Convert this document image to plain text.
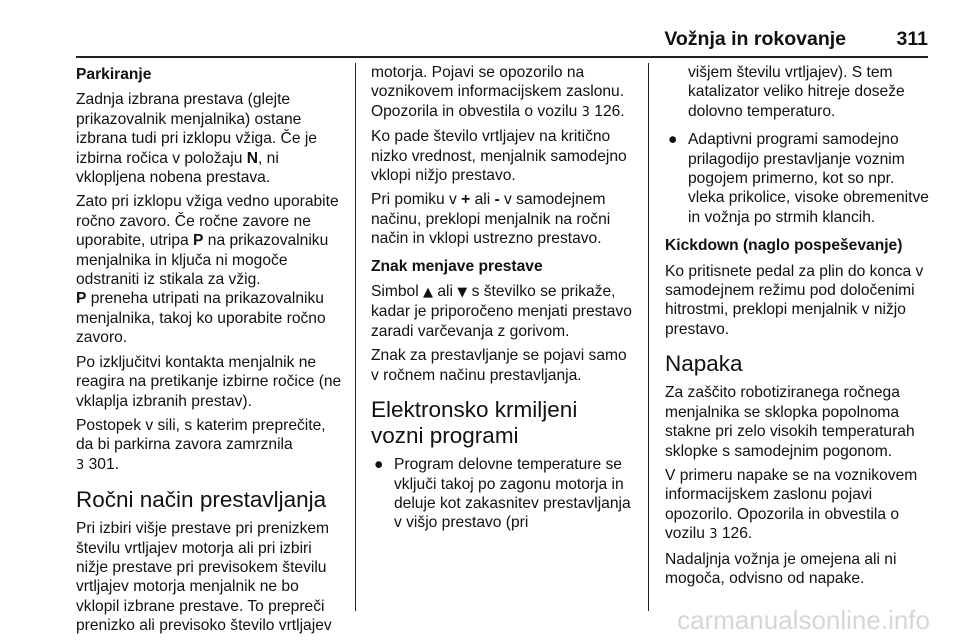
Vožnja in rokovanje	311
Parkiranje

Zadnja izbrana prestava (glejte prikazovalnik menjalnika) ostane izbrana tudi pri izklopu vžiga. Če je izbirna ročica v položaju N, ni vklopljena nobena prestava.

Zato pri izklopu vžiga vedno uporabite ročno zavoro. Če ročne zavore ne uporabite, utripa P na prikazovalniku menjalnika in ključa ni mogoče odstraniti iz stikala za vžig.
P preneha utripati na prikazovalniku menjalnika, takoj ko uporabite ročno zavoro.

Po izključitvi kontakta menjalnik ne reagira na pretikanje izbirne ročice (ne vklaplja izbranih prestav).

Postopek v sili, s katerim preprečite, da bi parkirna zavora zamrznila
3 301.

Ročni način prestavljanja

Pri izbiri višje prestave pri prenizkem številu vrtljajev motorja ali pri izbiri nižje prestave pri previsokem številu vrtljajev motorja menjalnik ne bo vklopil izbrane prestave. To prepreči prenizko ali previsoko število vrtljajev

motorja. Pojavi se opozorilo na voznikovem informacijskem zaslonu. Opozorila in obvestila o vozilu 3 126.

Ko pade število vrtljajev na kritično nizko vrednost, menjalnik samodejno vklopi nižjo prestavo.

Pri pomiku v + ali - v samodejnem načinu, preklopi menjalnik na ročni način in vklopi ustrezno prestavo.

Znak menjave prestave

Simbol ▲ ali ▼ s številko se prikaže, kadar je priporočeno menjati prestavo zaradi varčevanja z gorivom.

Znak za prestavljanje se pojavi samo v ročnem načinu prestavljanja.

Elektronsko krmiljeni vozni programi
● Program delovne temperature se vključi takoj po zagonu motorja in deluje kot zakasnitev prestavljanja v višjo prestavo (pri
višjem številu vrtljajev). S tem katalizator veliko hitreje doseže dolovno temperaturo.
● Adaptivni programi samodejno prilagodijo prestavljanje voznim pogojem primerno, kot so npr. vleka prikolice, visoke obremenitve in vožnja po strmih klancih.
Kickdown (naglo pospeševanje)

Ko pritisnete pedal za plin do konca v samodejnem režimu pod določenimi hitrostmi, preklopi menjalnik v nižjo prestavo.

Napaka

Za zaščito robotiziranega ročnega menjalnika se sklopka popolnoma stakne pri zelo visokih temperaturah sklopke s samodejnim pogonom.

V primeru napake se na voznikovem informacijskem zaslonu pojavi opozorilo. Opozorila in obvestila o vozilu 3 126.

Nadaljnja vožnja je omejena ali ni mogoča, odvisno od napake.

carmanualsonline.info
